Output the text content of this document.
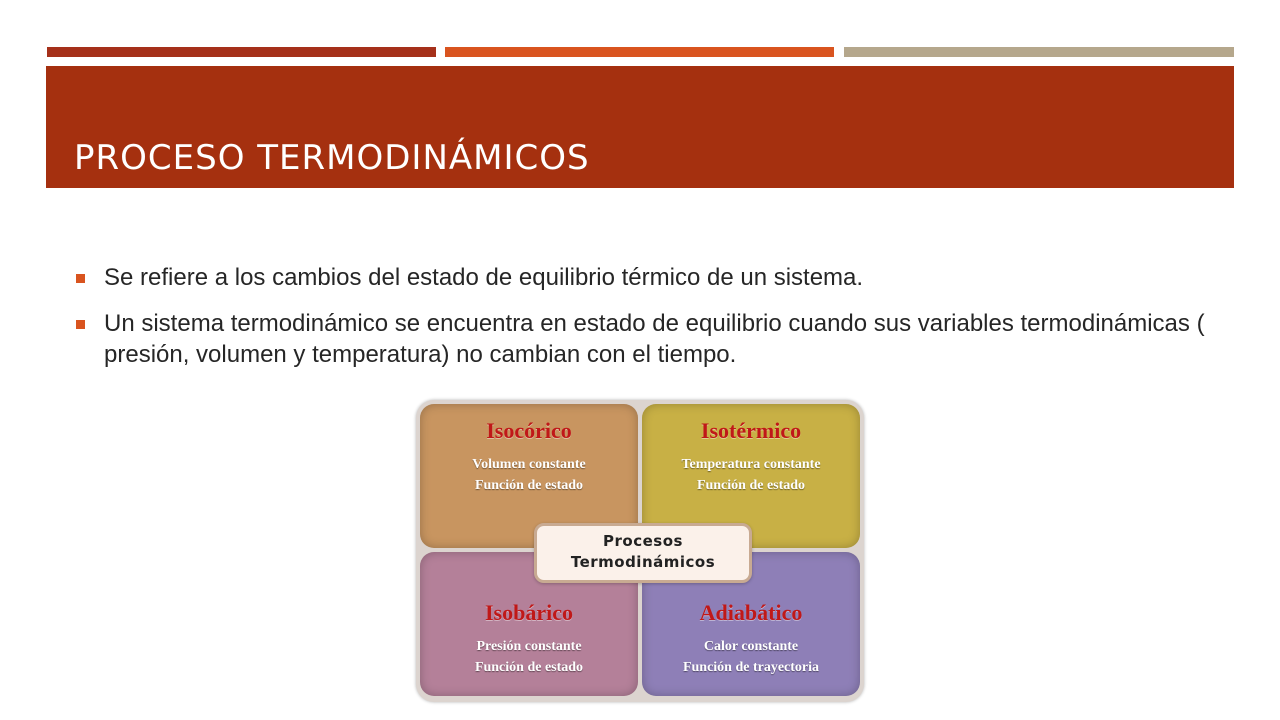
PROCESO TERMODINÁMICOS
Se refiere a los cambios del estado de equilibrio térmico de un sistema.
Un sistema termodinámico se encuentra en estado de equilibrio cuando sus variables termodinámicas ( presión, volumen y temperatura) no cambian con el tiempo.
Isocórico
Volumen constante
Función de estado
Isotérmico
Temperatura constante
Función de estado
Isobárico
Presión constante
Función de estado
Adiabático
Calor constante
Función de trayectoria
Procesos
Termodinámicos
